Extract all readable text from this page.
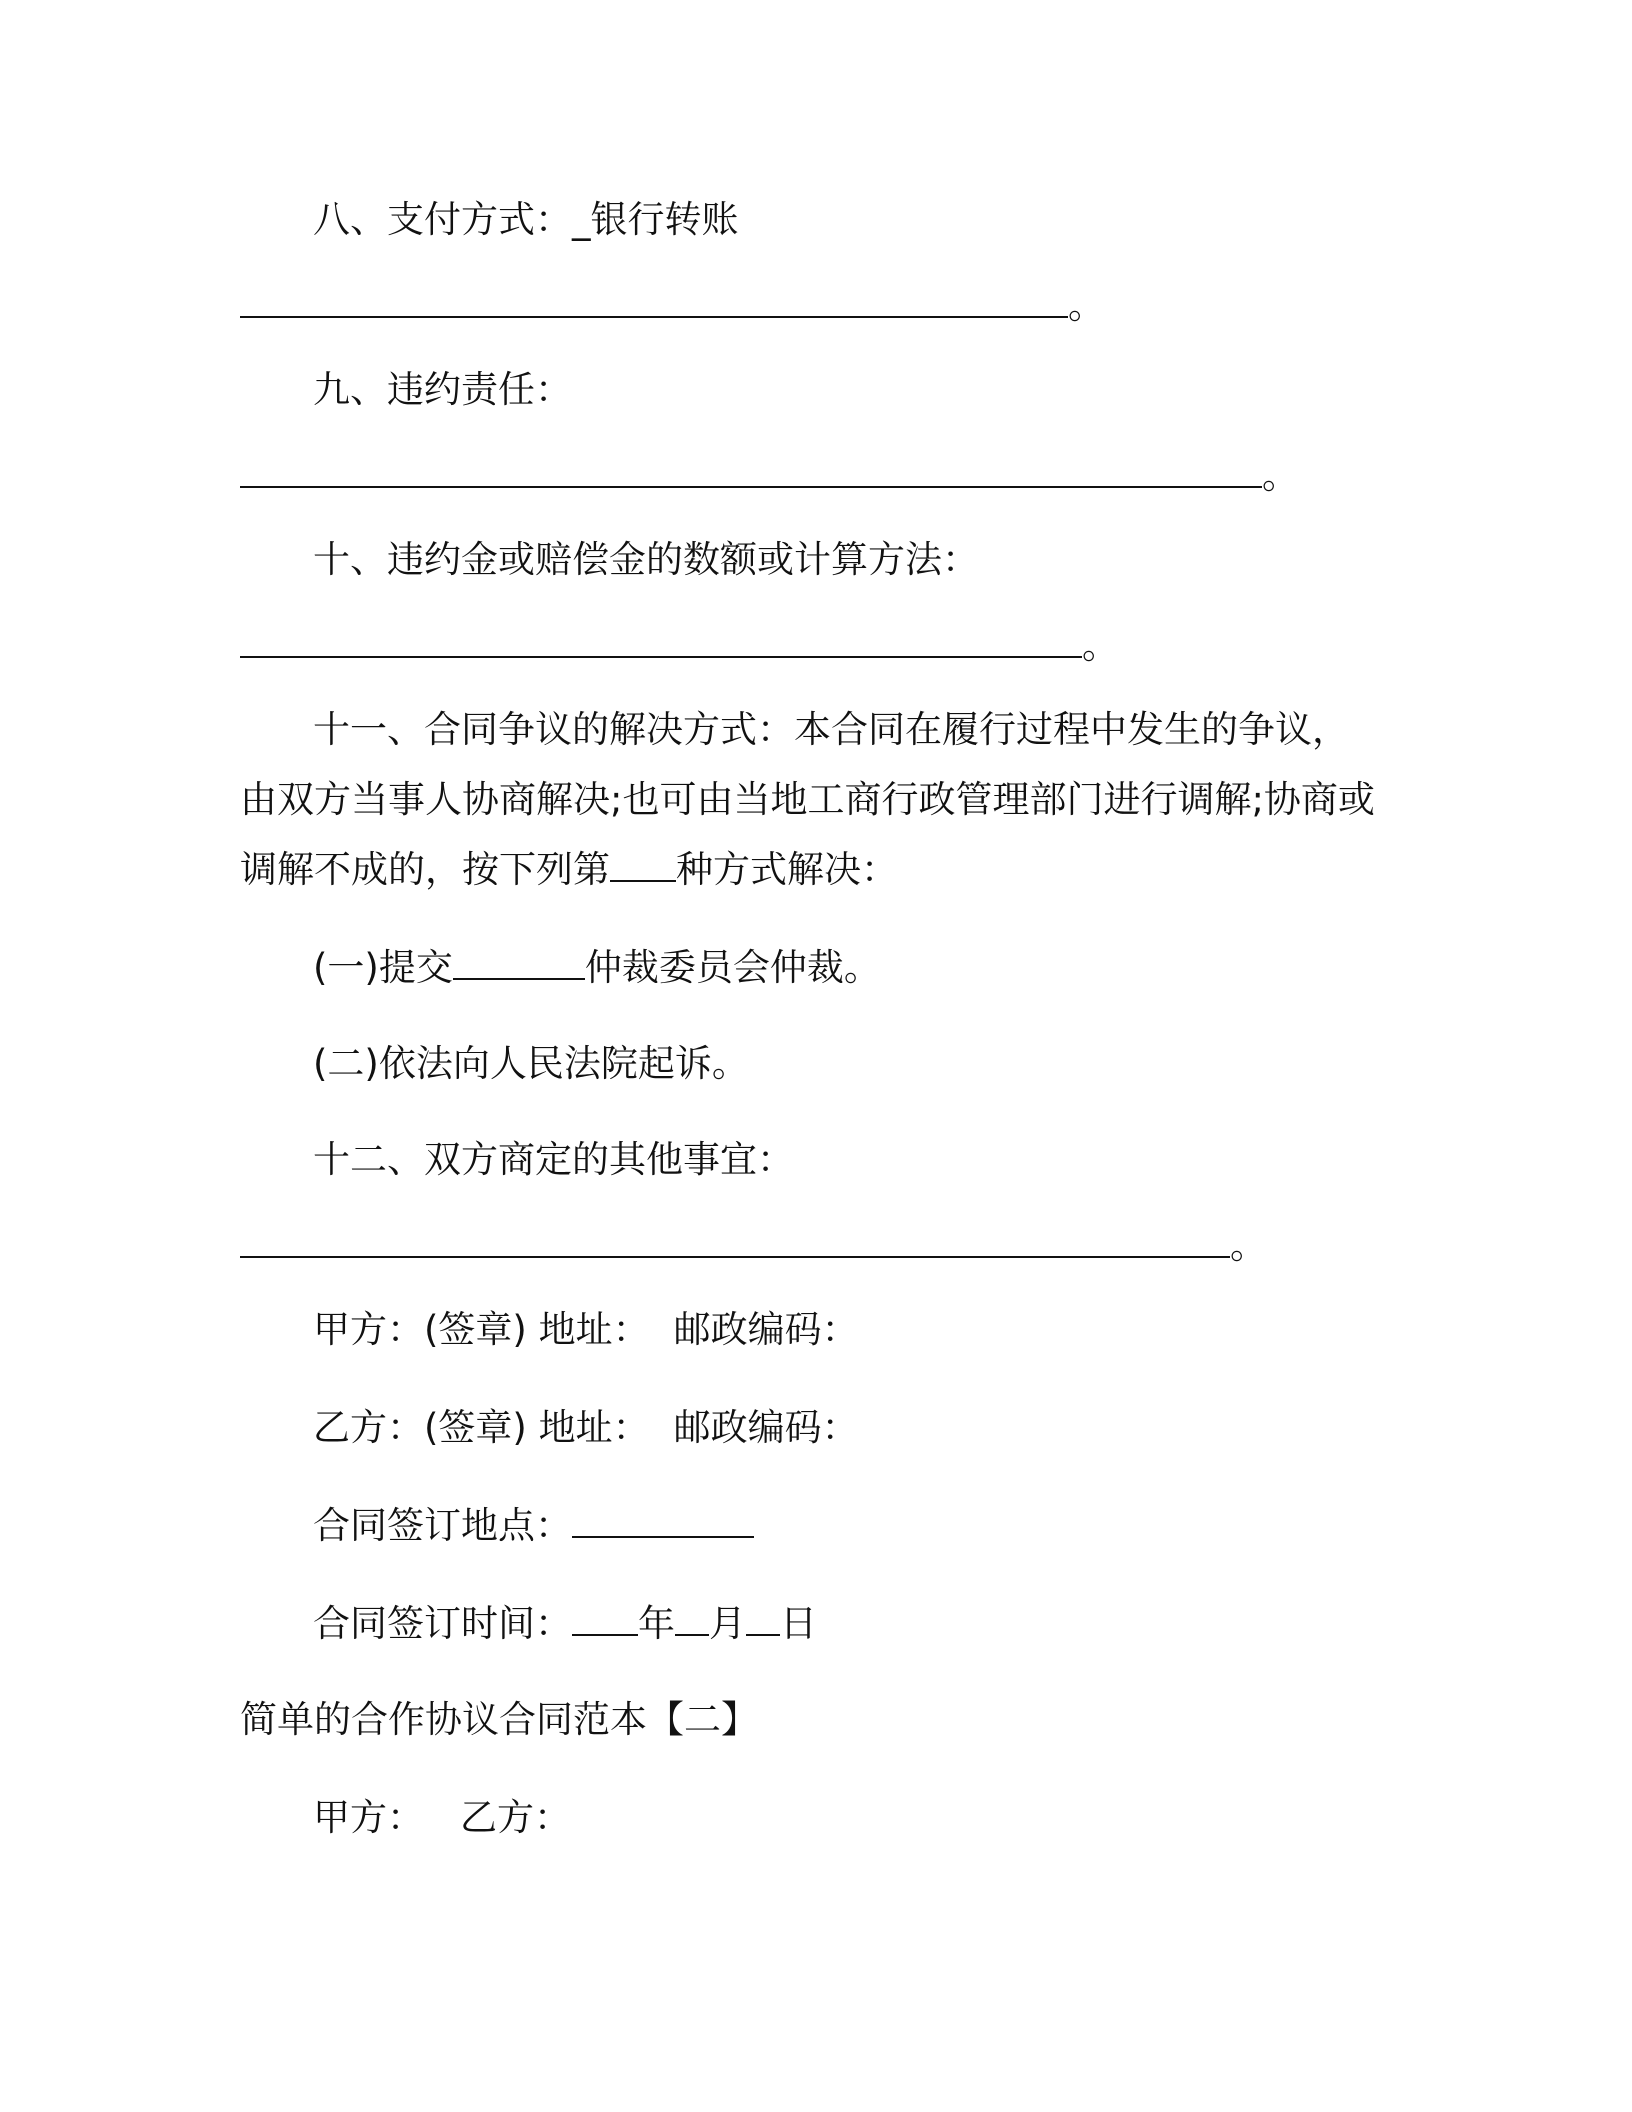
八、支付方式：_银行转账
。
九、违约责任：
。
十、违约金或赔偿金的数额或计算方法：
。
十一、合同争议的解决方式：本合同在履行过程中发生的争议，
由双方当事人协商解决;也可由当地工商行政管理部门进行调解;协商或
调解不成的，按下列第 种方式解决：
(一)提交	仲裁委员会仲裁。
(二)依法向人民法院起诉。
十二、双方商定的其他事宜：
。
甲方：(签章) 地址： 邮政编码：
乙方：(签章) 地址： 邮政编码：
合同签订地点：
合同签订时间： 年 月 日
简单的合作协议合同范本【二】
甲方： 乙方：
